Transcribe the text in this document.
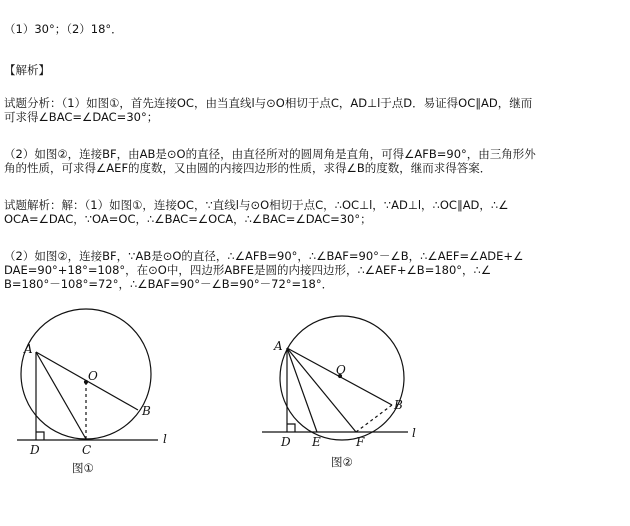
（1）30°；（2）18°．
【解析】
试题分析：（1）如图①，首先连接OC，由当直线l与⊙O相切于点C，AD⊥l于点D．易证得OC∥AD，继而
可求得∠BAC=∠DAC=30°；
（2）如图②，连接BF，由AB是⊙O的直径，由直径所对的圆周角是直角，可得∠AFB=90°，由三角形外
角的性质，可求得∠AEF的度数，又由圆的内接四边形的性质，求得∠B的度数，继而求得答案．
试题解析：解：（1）如图①，连接OC，∵直线l与⊙O相切于点C，∴OC⊥l，∵AD⊥l，∴OC∥AD，∴∠
OCA=∠DAC，∵OA=OC，∴∠BAC=∠OCA，∴∠BAC=∠DAC=30°；
（2）如图②，连接BF，∵AB是⊙O的直径，∴∠AFB=90°，∴∠BAF=90°－∠B，∴∠AEF=∠ADE+∠
DAE=90°+18°=108°，在⊙O中，四边形ABFE是圆的内接四边形，∴∠AEF+∠B=180°，∴∠
B=180°－108°=72°，∴∠BAF=90°－∠B=90°－72°=18°．
A
O
B
D	C
l
图①
A
O
B
D E	F
l
图②
